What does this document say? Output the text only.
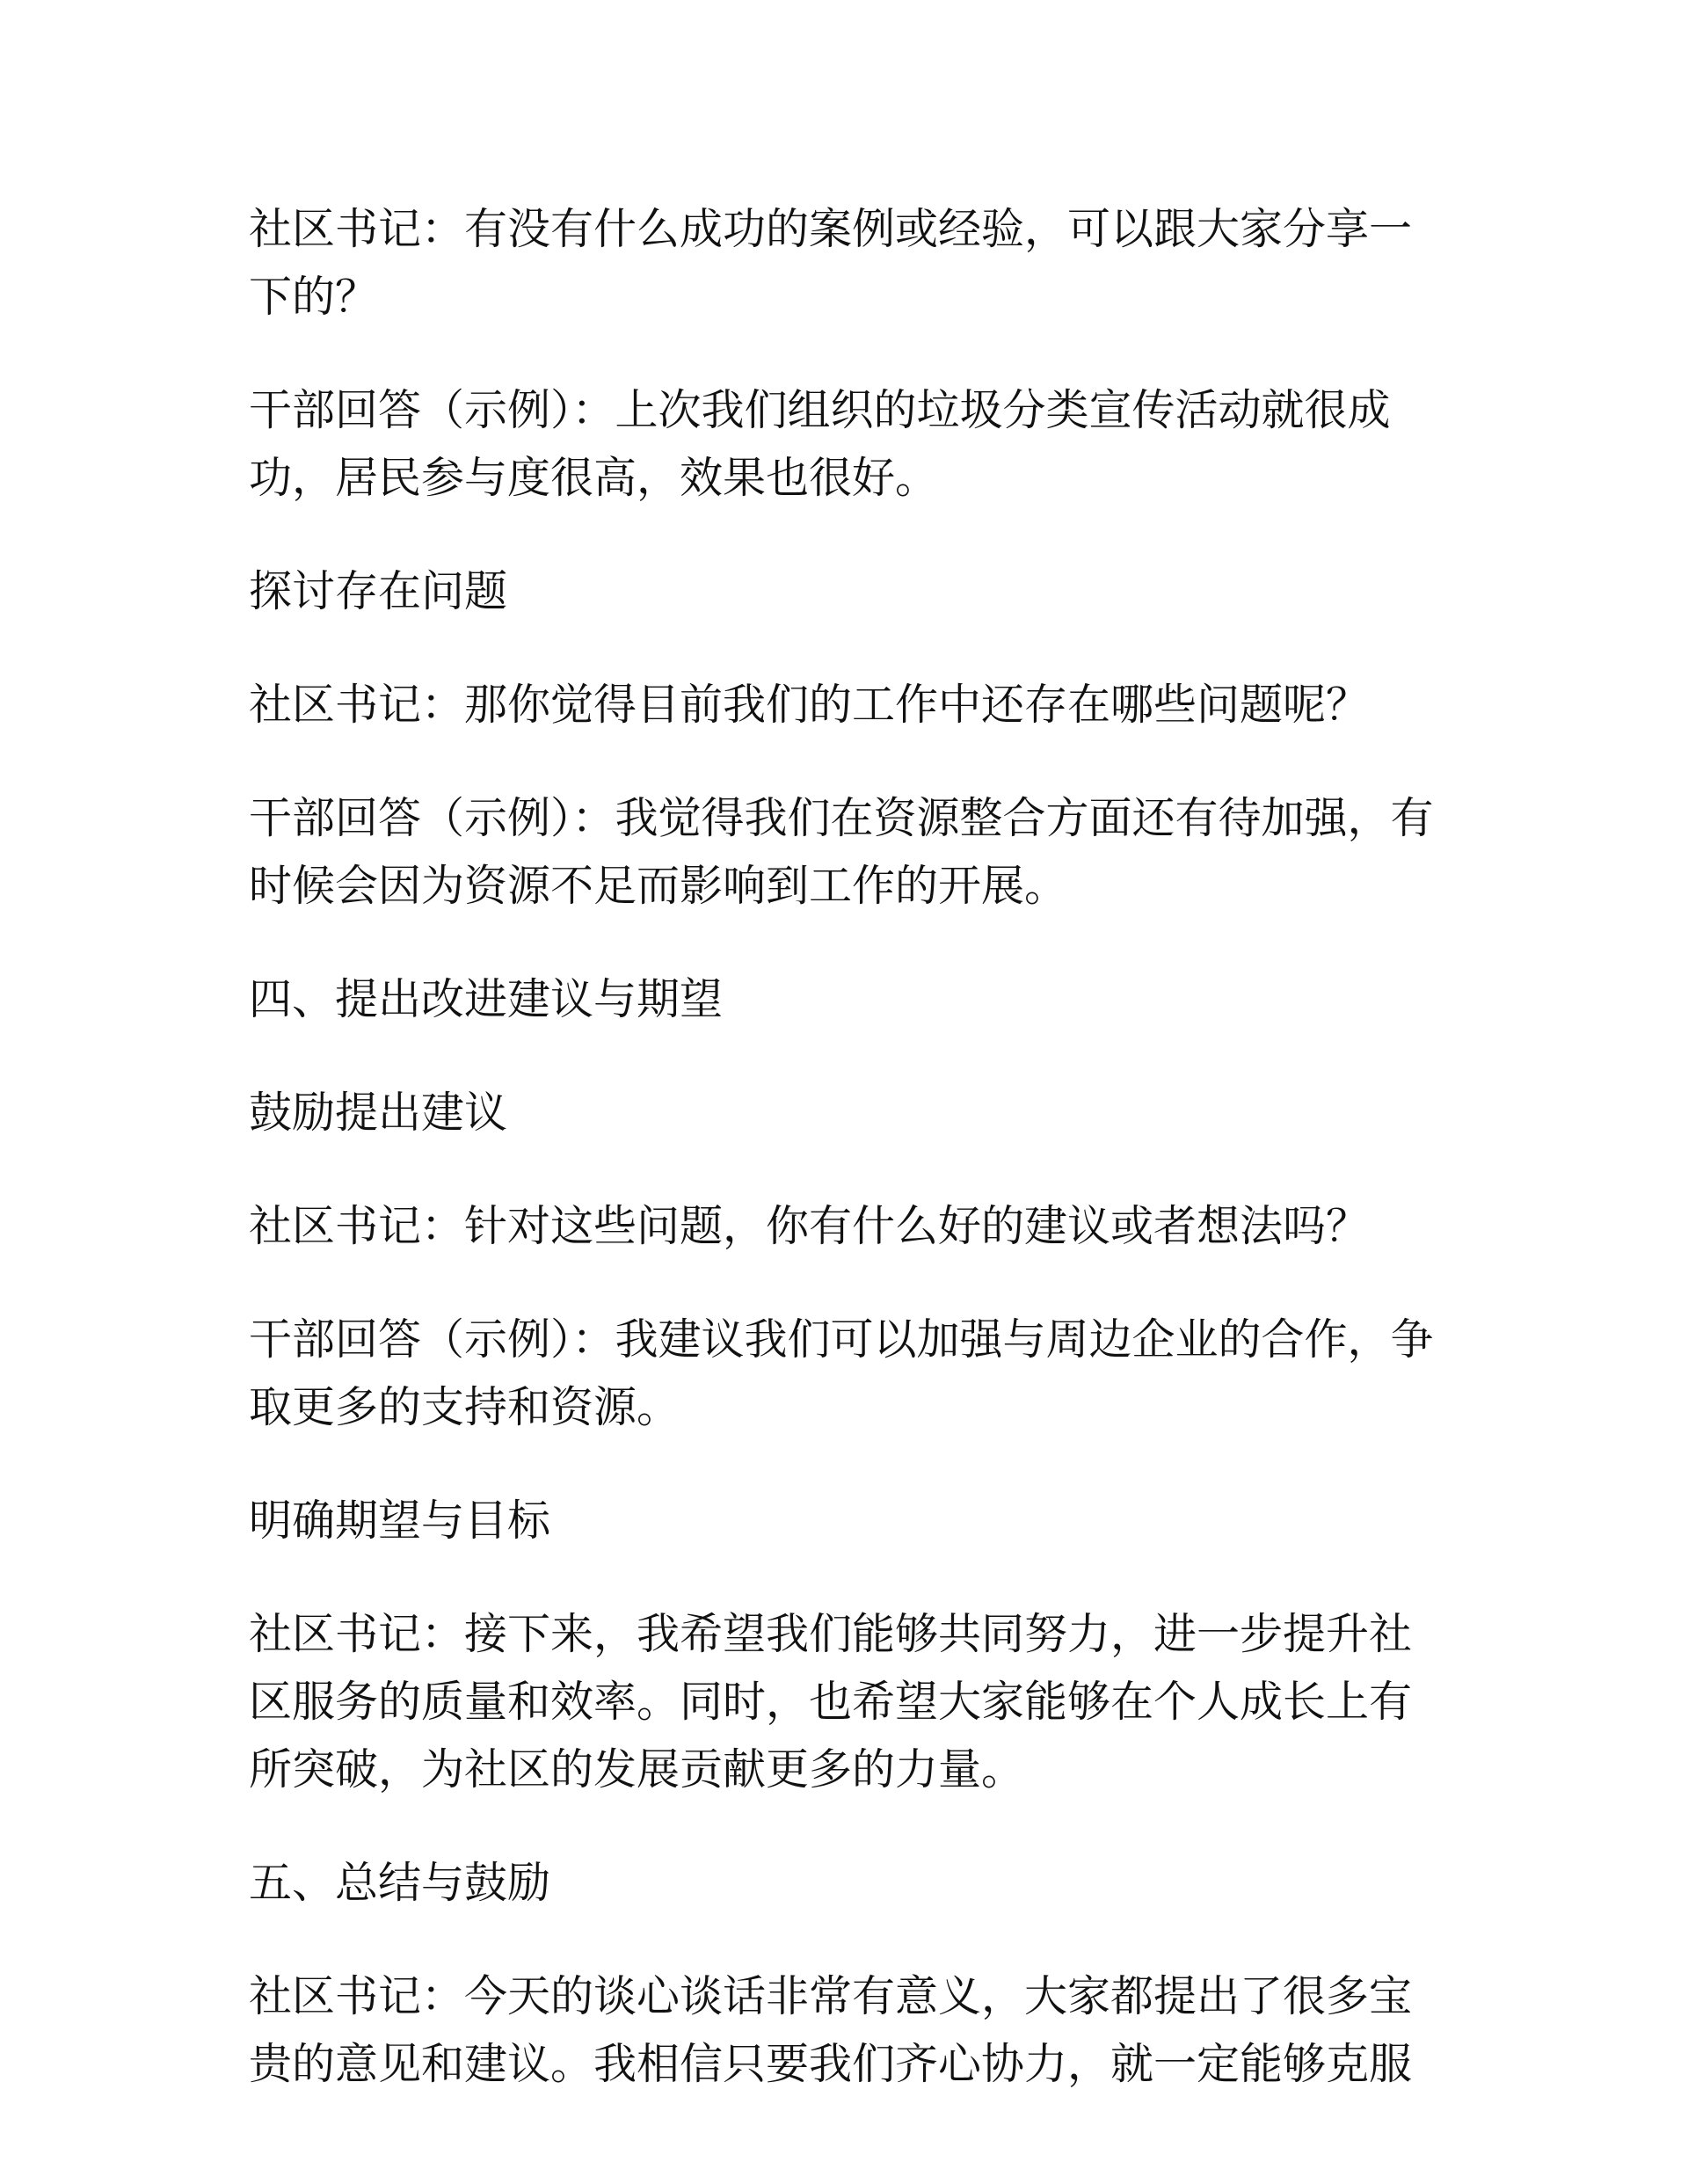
社区书记：有没有什么成功的案例或经验，可以跟大家分享一下的？

干部回答（示例）：上次我们组织的垃圾分类宣传活动就很成功，居民参与度很高，效果也很好。

探讨存在问题

社区书记：那你觉得目前我们的工作中还存在哪些问题呢？

干部回答（示例）：我觉得我们在资源整合方面还有待加强，有时候会因为资源不足而影响到工作的开展。

四、提出改进建议与期望

鼓励提出建议

社区书记：针对这些问题，你有什么好的建议或者想法吗？

干部回答（示例）：我建议我们可以加强与周边企业的合作，争取更多的支持和资源。

明确期望与目标

社区书记：接下来，我希望我们能够共同努力，进一步提升社区服务的质量和效率。同时，也希望大家能够在个人成长上有所突破，为社区的发展贡献更多的力量。

五、总结与鼓励

社区书记：今天的谈心谈话非常有意义，大家都提出了很多宝贵的意见和建议。我相信只要我们齐心协力，就一定能够克服
